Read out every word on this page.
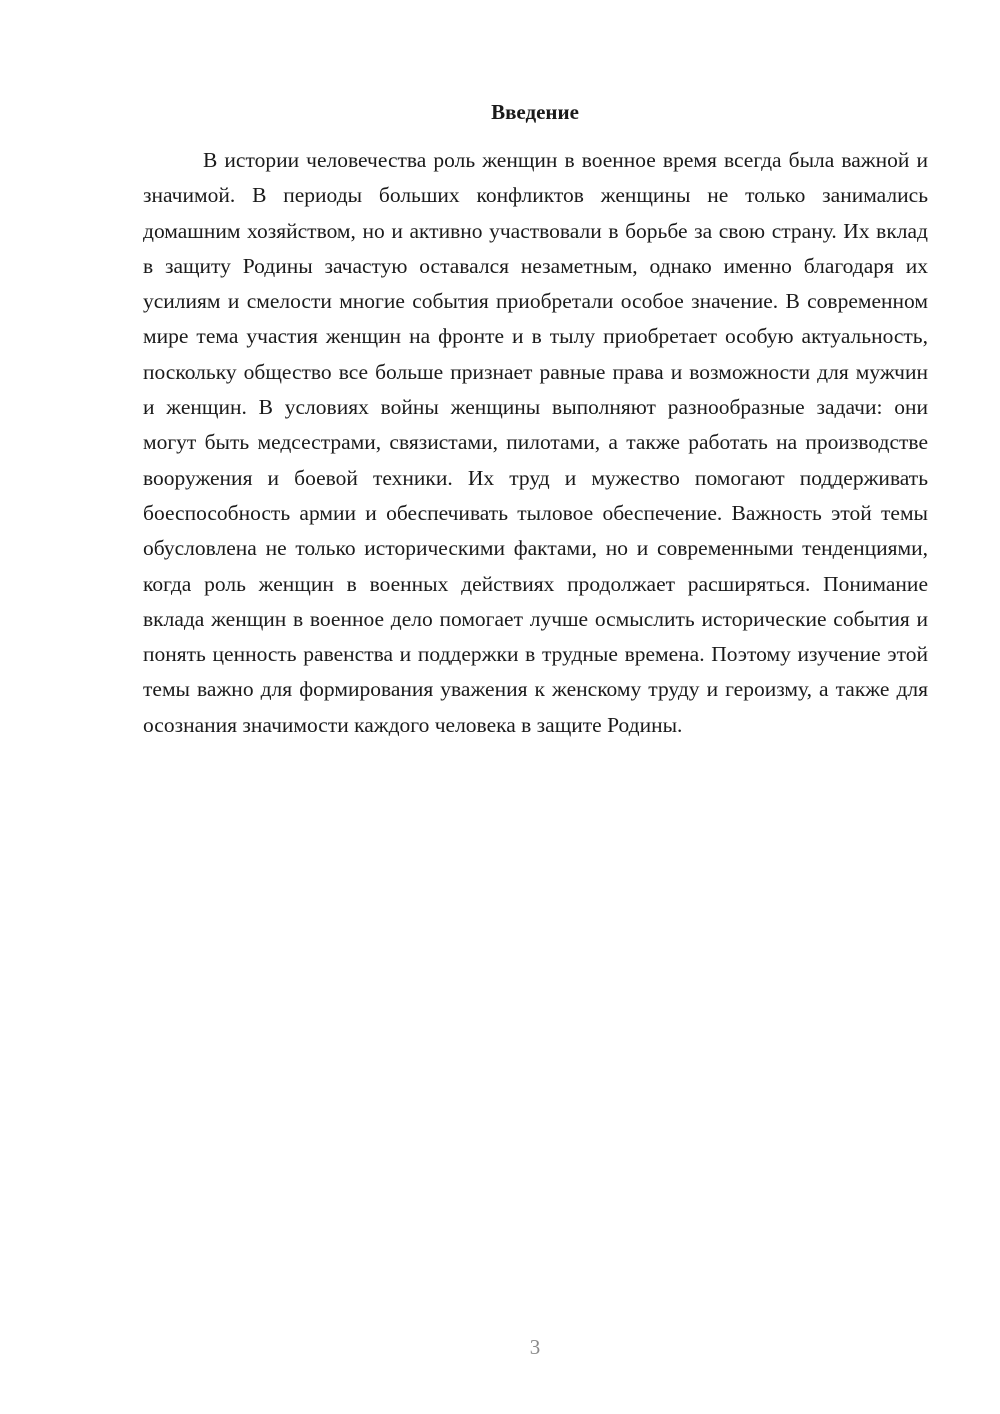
Введение

В истории человечества роль женщин в военное время всегда была важной и значимой. В периоды больших конфликтов женщины не только занимались домашним хозяйством, но и активно участвовали в борьбе за свою страну. Их вклад в защиту Родины зачастую оставался незаметным, однако именно благодаря их усилиям и смелости многие события приобретали особое значение. В современном мире тема участия женщин на фронте и в тылу приобретает особую актуальность, поскольку общество все больше признает равные права и возможности для мужчин и женщин. В условиях войны женщины выполняют разнообразные задачи: они могут быть медсестрами, связистами, пилотами, а также работать на производстве вооружения и боевой техники. Их труд и мужество помогают поддерживать боеспособность армии и обеспечивать тыловое обеспечение. Важность этой темы обусловлена не только историческими фактами, но и современными тенденциями, когда роль женщин в военных действиях продолжает расширяться. Понимание вклада женщин в военное дело помогает лучше осмыслить исторические события и понять ценность равенства и поддержки в трудные времена. Поэтому изучение этой темы важно для формирования уважения к женскому труду и героизму, а также для осознания значимости каждого человека в защите Родины.

3
